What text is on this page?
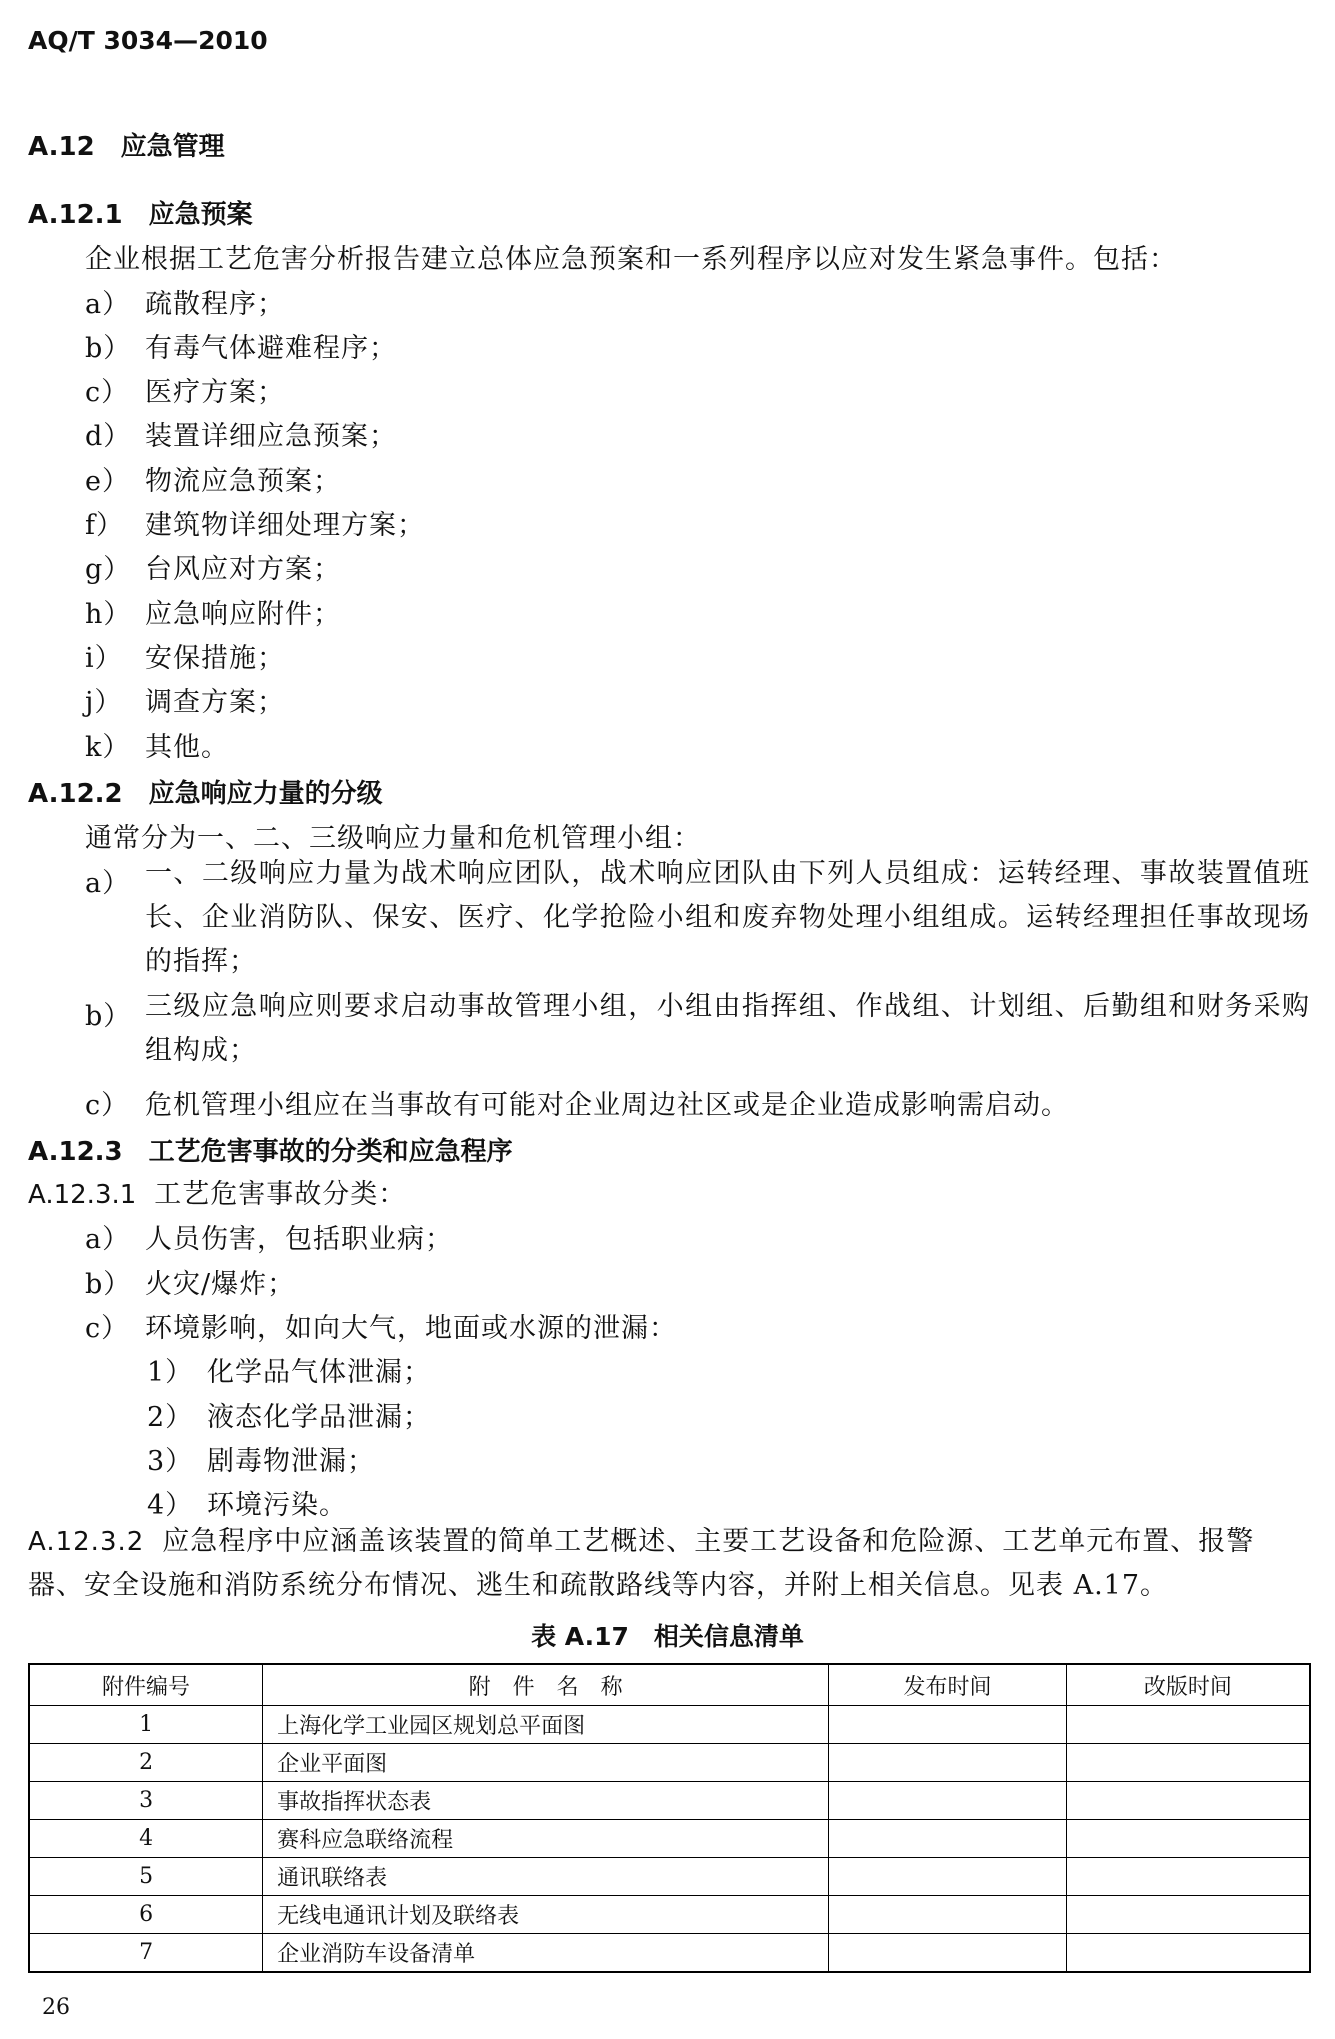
AQ/T 3034—2010
A.12 应急管理
A.12.1 应急预案
企业根据工艺危害分析报告建立总体应急预案和一系列程序以应对发生紧急事件。包括：
a） 疏散程序；
b） 有毒气体避难程序；
c） 医疗方案；
d） 装置详细应急预案；
e） 物流应急预案；
f） 建筑物详细处理方案；
g） 台风应对方案；
h） 应急响应附件；
i） 安保措施；
j） 调查方案；
k） 其他。
A.12.2 应急响应力量的分级
通常分为一、二、三级响应力量和危机管理小组：
a） 一、二级响应力量为战术响应团队，战术响应团队由下列人员组成：运转经理、事故装置值班长、企业消防队、保安、医疗、化学抢险小组和废弃物处理小组组成。运转经理担任事故现场的指挥；
b） 三级应急响应则要求启动事故管理小组，小组由指挥组、作战组、计划组、后勤组和财务采购组构成；
c） 危机管理小组应在当事故有可能对企业周边社区或是企业造成影响需启动。
A.12.3 工艺危害事故的分类和应急程序
A.12.3.1 工艺危害事故分类：
a） 人员伤害，包括职业病；
b） 火灾/爆炸；
c） 环境影响，如向大气，地面或水源的泄漏：
1） 化学品气体泄漏；
2） 液态化学品泄漏；
3） 剧毒物泄漏；
4） 环境污染。
A.12.3.2 应急程序中应涵盖该装置的简单工艺概述、主要工艺设备和危险源、工艺单元布置、报警器、安全设施和消防系统分布情况、逃生和疏散路线等内容，并附上相关信息。见表 A.17。
表 A.17　相关信息清单
附件编号	附　件　名　称	发布时间	改版时间
1	上海化学工业园区规划总平面图		
2	企业平面图		
3	事故指挥状态表		
4	赛科应急联络流程		
5	通讯联络表		
6	无线电通讯计划及联络表		
7	企业消防车设备清单		
26
